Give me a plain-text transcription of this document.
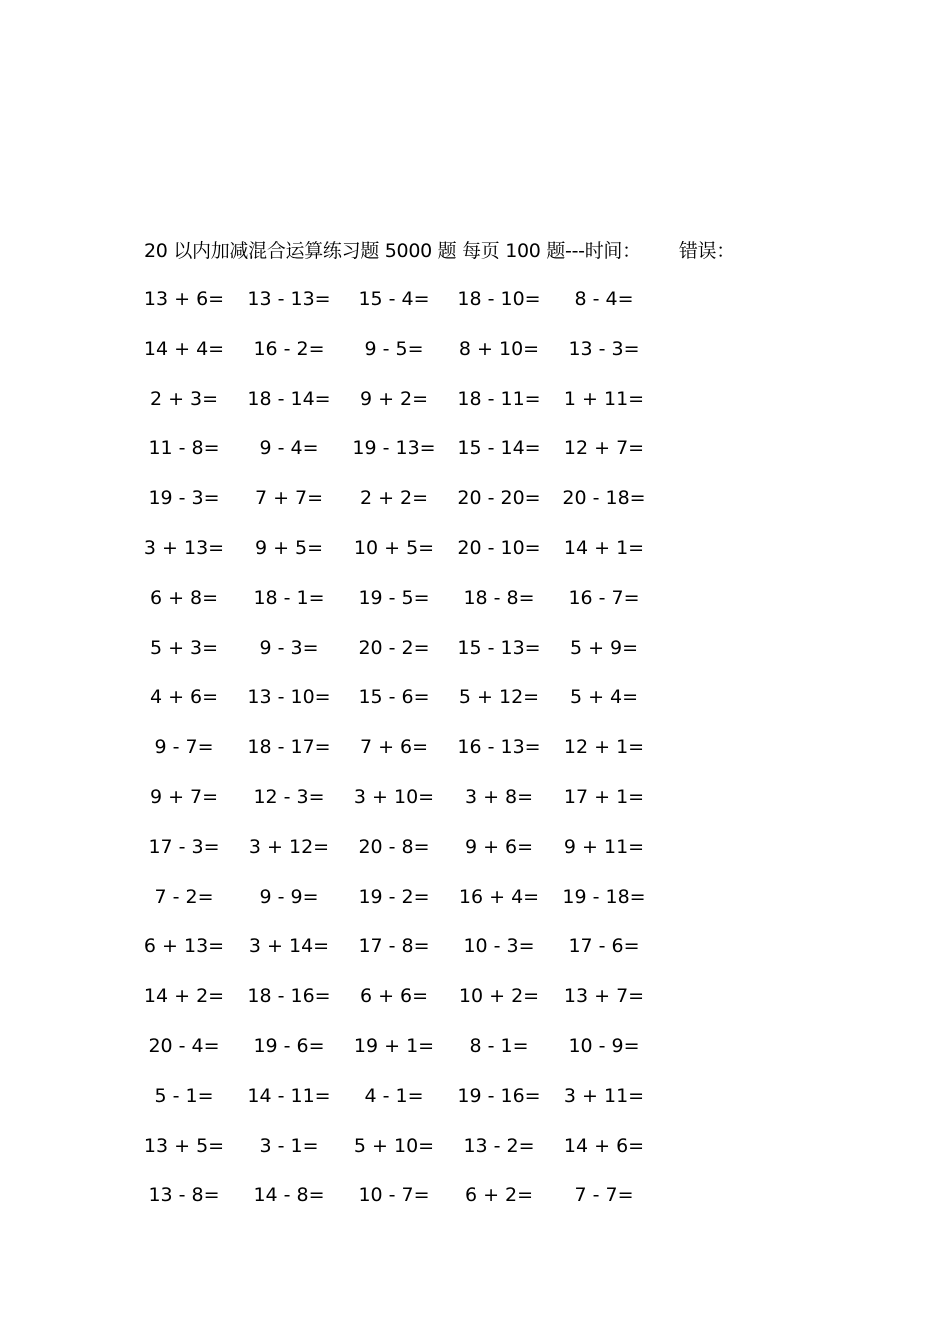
20 以内加减混合运算练习题 5000 题 每页 100 题---时间： 错误：
13 + 6=	13 - 13=	15 - 4=	18 - 10=	8 - 4=
14 + 4=	16 - 2=	9 - 5=	8 + 10=	13 - 3=
2 + 3=	18 - 14=	9 + 2=	18 - 11=	1 + 11=
11 - 8=	9 - 4=	19 - 13=	15 - 14=	12 + 7=
19 - 3=	7 + 7=	2 + 2=	20 - 20=	20 - 18=
3 + 13=	9 + 5=	10 + 5=	20 - 10=	14 + 1=
6 + 8=	18 - 1=	19 - 5=	18 - 8=	16 - 7=
5 + 3=	9 - 3=	20 - 2=	15 - 13=	5 + 9=
4 + 6=	13 - 10=	15 - 6=	5 + 12=	5 + 4=
9 - 7=	18 - 17=	7 + 6=	16 - 13=	12 + 1=
9 + 7=	12 - 3=	3 + 10=	3 + 8=	17 + 1=
17 - 3=	3 + 12=	20 - 8=	9 + 6=	9 + 11=
7 - 2=	9 - 9=	19 - 2=	16 + 4=	19 - 18=
6 + 13=	3 + 14=	17 - 8=	10 - 3=	17 - 6=
14 + 2=	18 - 16=	6 + 6=	10 + 2=	13 + 7=
20 - 4=	19 - 6=	19 + 1=	8 - 1=	10 - 9=
5 - 1=	14 - 11=	4 - 1=	19 - 16=	3 + 11=
13 + 5=	3 - 1=	5 + 10=	13 - 2=	14 + 6=
13 - 8=	14 - 8=	10 - 7=	6 + 2=	7 - 7=
